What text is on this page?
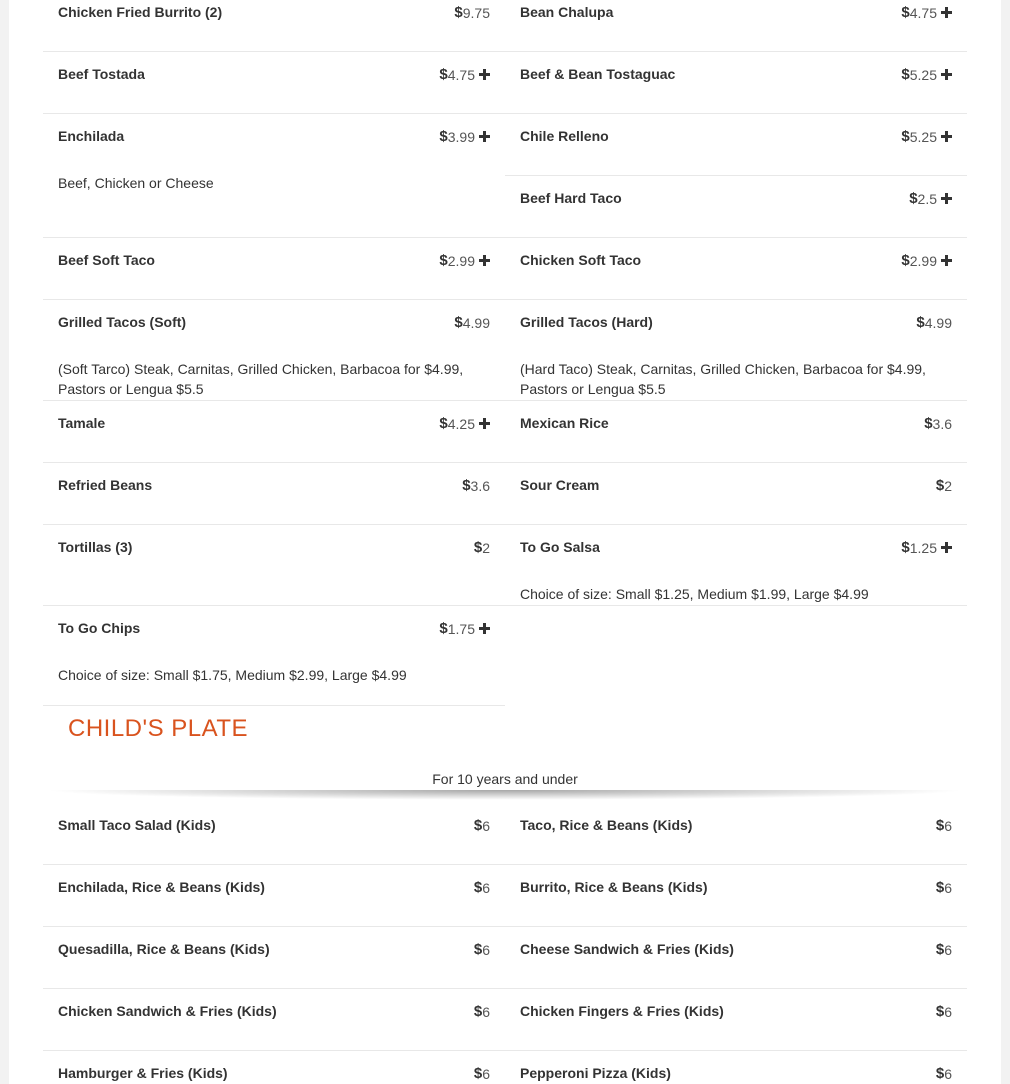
Chicken Fried Burrito (2)	$ 9.75
Beef Tostada	$ 4.75
Enchilada	$ 3.99
Beef, Chicken or Cheese
Beef Soft Taco	$ 2.99
Grilled Tacos (Soft)	$ 4.99
(Soft Tarco) Steak, Carnitas, Grilled Chicken, Barbacoa for $4.99, Pastors or Lengua $5.5
Tamale	$ 4.25
Refried Beans	$ 3.6
Tortillas (3)	$ 2
To Go Chips	$ 1.75
Choice of size: Small $1.75, Medium $2.99, Large $4.99
Bean Chalupa	$ 4.75
Beef & Bean Tostaguac	$ 5.25
Chile Relleno	$ 5.25
Beef Hard Taco	$ 2.5
Chicken Soft Taco	$ 2.99
Grilled Tacos (Hard)	$ 4.99
(Hard Taco) Steak, Carnitas, Grilled Chicken, Barbacoa for $4.99, Pastors or Lengua $5.5
Mexican Rice	$ 3.6
Sour Cream	$ 2
To Go Salsa	$ 1.25
Choice of size: Small $1.25, Medium $1.99, Large $4.99
CHILD'S PLATE
For 10 years and under
Small Taco Salad (Kids)	$ 6
Enchilada, Rice & Beans (Kids)	$ 6
Quesadilla, Rice & Beans (Kids)	$ 6
Chicken Sandwich & Fries (Kids)	$ 6
Hamburger & Fries (Kids)	$ 6
Taco, Rice & Beans (Kids)	$ 6
Burrito, Rice & Beans (Kids)	$ 6
Cheese Sandwich & Fries (Kids)	$ 6
Chicken Fingers & Fries (Kids)	$ 6
Pepperoni Pizza (Kids)	$ 6
